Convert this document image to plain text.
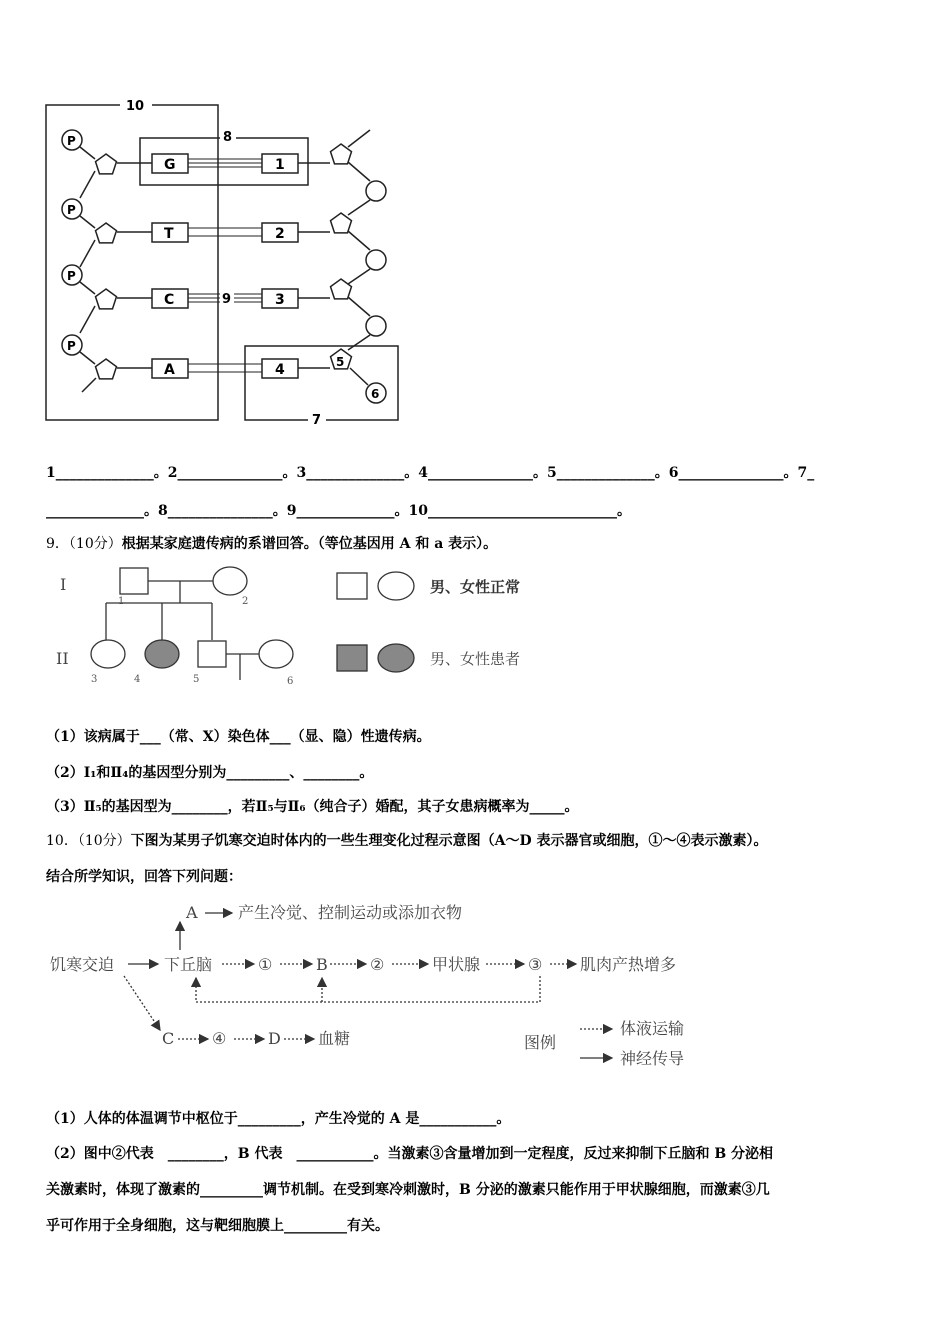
10
8
7
P
G	1
P
T	2
P
C	3
P
A	4	5
6
9
1______________。2_______________。3______________。4_______________。5______________。6_______________。7_
______________。8_______________。9______________。10___________________________。
9．（10分）根据某家庭遗传病的系谱回答。（等位基因用 A 和 a 表示）。
I
II
1	2
3	4	5	6
男、女性正常
男、女性患者
（1）该病属于___（常、X）染色体___（显、隐）性遗传病。
（2）Ⅰ₁和Ⅱ₄的基因型分别为_________、________。
（3）Ⅱ₅的基因型为________，若Ⅱ₅与Ⅱ₆（纯合子）婚配，其子女患病概率为_____。
10．（10分）下图为某男子饥寒交迫时体内的一些生理变化过程示意图（A～D 表示器官或细胞，①～④表示激素）。
结合所学知识，回答下列问题：
A	产生冷觉、控制运动或添加衣物
饥寒交迫	下丘脑	①	B	②	甲状腺	③ 肌肉产热增多
C ④	D 血糖	图例
体液运输
神经传导
（1）人体的体温调节中枢位于_________，产生冷觉的 A 是___________。
（2）图中②代表　________，B 代表　___________。当激素③含量增加到一定程度，反过来抑制下丘脑和 B 分泌相
关激素时，体现了激素的_________调节机制。在受到寒冷刺激时，B 分泌的激素只能作用于甲状腺细胞，而激素③几
乎可作用于全身细胞，这与靶细胞膜上_________有关。
